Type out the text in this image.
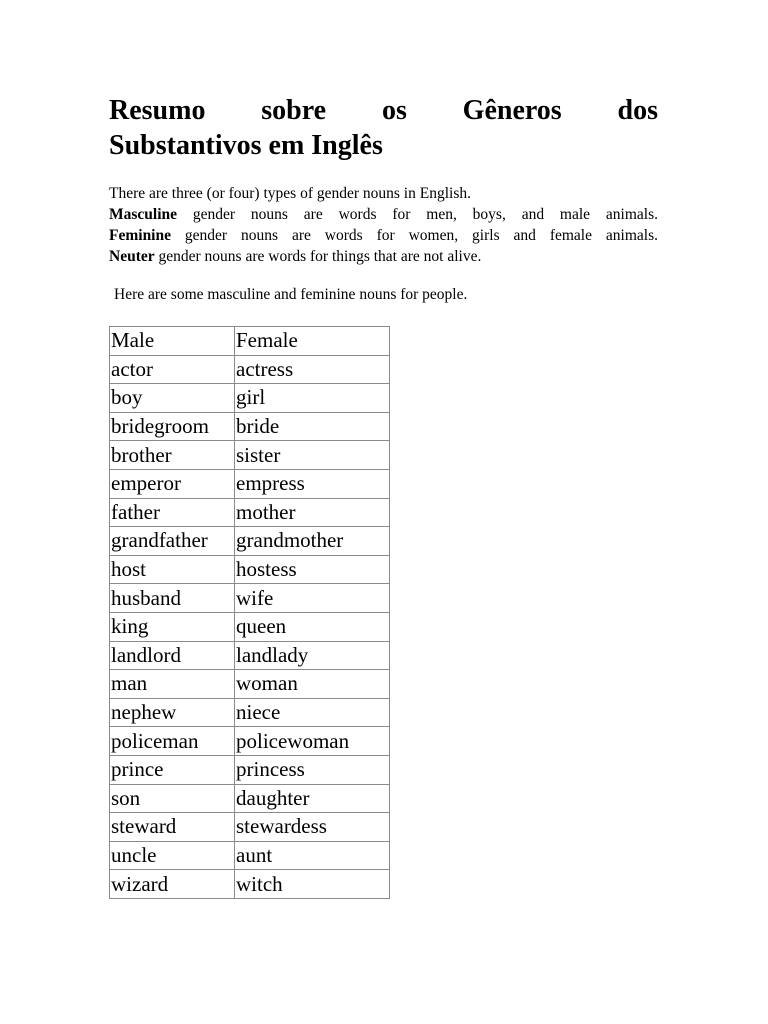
Resumo sobre os Gêneros dos
Substantivos em Inglês

There are three (or four) types of gender nouns in English.

Masculine gender nouns are words for men, boys, and male animals.

Feminine gender nouns are words for women, girls and female animals.

Neuter gender nouns are words for things that are not alive.

Here are some masculine and feminine nouns for people.
Male	Female
actor	actress
boy	girl
bridegroom	bride
brother	sister
emperor	empress
father	mother
grandfather	grandmother
host	hostess
husband	wife
king	queen
landlord	landlady
man	woman
nephew	niece
policeman	policewoman
prince	princess
son	daughter
steward	stewardess
uncle	aunt
wizard	witch
